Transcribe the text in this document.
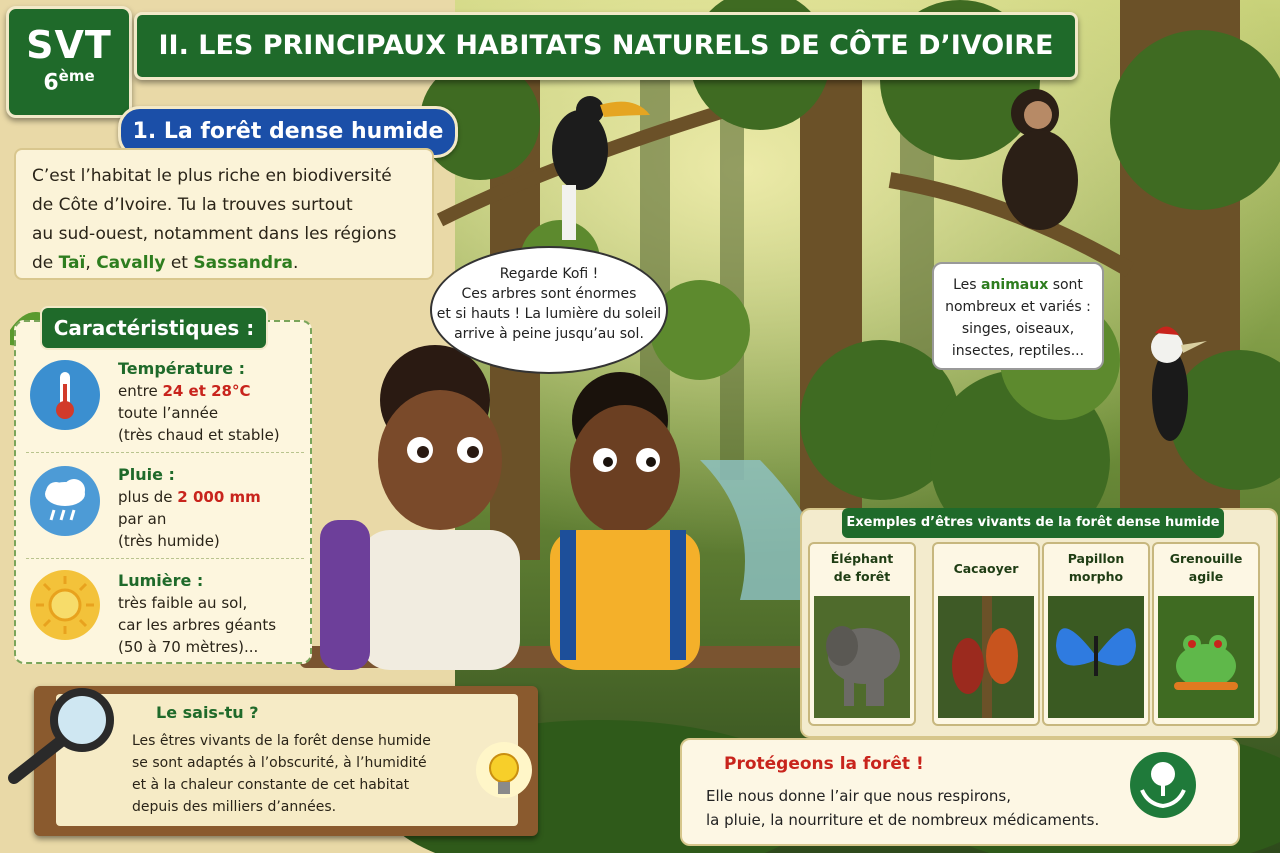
SVT
6ème
II. LES PRINCIPAUX HABITATS NATURELS DE CÔTE D’IVOIRE
1. La forêt dense humide
C’est l’habitat le plus riche en biodiversité
de Côte d’Ivoire. Tu la trouves surtout
au sud-ouest, notamment dans les régions
de Taï, Cavally et Sassandra.
Température :
entre 24 et 28°C
toute l’année
(très chaud et stable)
Pluie :
plus de 2 000 mm
par an
(très humide)
Lumière :
très faible au sol,
car les arbres géants
(50 à 70 mètres)...
Caractéristiques :
Regarde Kofi !
Ces arbres sont énormes
et si hauts ! La lumière du soleil
arrive à peine jusqu’au sol.
Les animaux sont
nombreux et variés :
singes, oiseaux,
insectes, reptiles...
Exemples d’êtres vivants de la forêt dense humide
Éléphant
de forêt
Cacaoyer
Papillon
morpho
Grenouille
agile
Le sais-tu ?
Les êtres vivants de la forêt dense humide
se sont adaptés à l’obscurité, à l’humidité
et à la chaleur constante de cet habitat
depuis des milliers d’années.
Protégeons la forêt !
Elle nous donne l’air que nous respirons,
la pluie, la nourriture et de nombreux médicaments.
